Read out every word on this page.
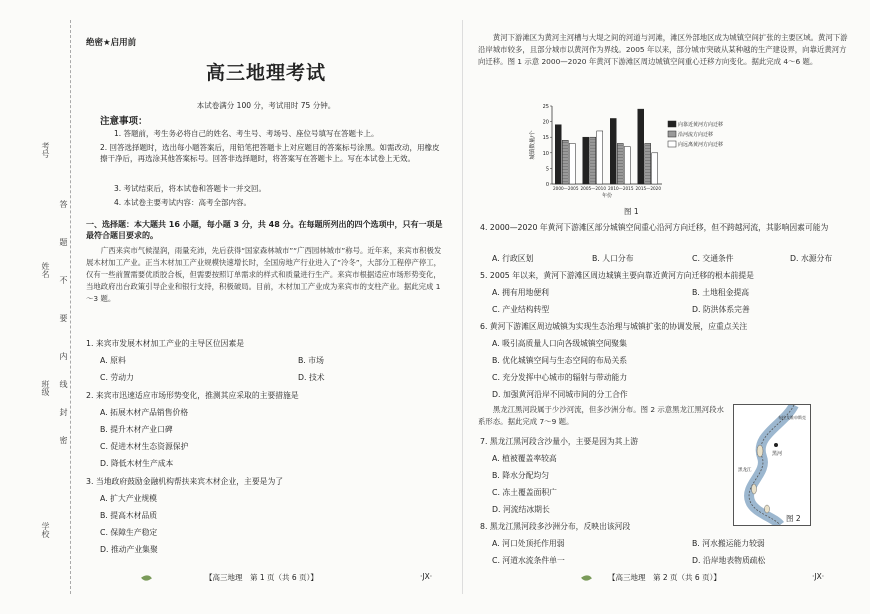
考号
姓名
班级
学校
答
题
不
要
内
线
封
密
绝密★启用前
高三地理考试
本试卷满分 100 分，考试用时 75 分钟。
注意事项：
1. 答题前，考生务必将自己的姓名、考生号、考场号、座位号填写在答题卡上。
2. 回答选择题时，选出每小题答案后，用铅笔把答题卡上对应题目的答案标号涂黑。如需改动，用橡皮擦干净后，再选涂其他答案标号。回答非选择题时，将答案写在答题卡上。写在本试卷上无效。
3. 考试结束后，将本试卷和答题卡一并交回。
4. 本试卷主要考试内容：高考全部内容。
一、选择题：本大题共 16 小题，每小题 3 分，共 48 分。在每题所列出的四个选项中，只有一项是最符合题目要求的。
广西来宾市气候湿润，雨量充沛，先后获得“国家森林城市”“广西园林城市”称号。近年来，来宾市积极发展木材加工产业。正当木材加工产业规模快速增长时，全国房地产行业进入了“冷冬”，大部分工程停产停工，仅有一些前置需要优质胶合板，但需要按照订单需求的样式和质量进行生产。来宾市根据适应市场形势变化，当地政府出台政策引导企业和银行支持，积极破局。目前，木材加工产业成为来宾市的支柱产业。据此完成 1～3 题。
1. 来宾市发展木材加工产业的主导区位因素是
A. 原料	B. 市场
C. 劳动力	D. 技术
2. 来宾市迅速适应市场形势变化，推测其应采取的主要措施是
A. 拓展木材产品销售价格
B. 提升木材产业口碑
C. 促进木材生态资源保护
D. 降低木材生产成本
3. 当地政府鼓励金融机构帮扶来宾木材企业，主要是为了
A. 扩大产业规模
B. 提高木材品质
C. 保障生产稳定
D. 推动产业集聚
【高三地理　第 1 页（共 6 页）】	·JX·
黄河下游滩区为黄河主河槽与大堤之间的河道与河滩，滩区外部地区成为城镇空间扩张的主要区域。黄河下游沿岸城市较多，且部分城市以黄河作为界线。2005 年以来，部分城市突破从某种越的生产建设界，向靠近黄河方向迁移。图 1 示意 2000—2020 年黄河下游滩区周边城镇空间重心迁移方向变化。据此完成 4～6 题。
0
5
10
15
20
25
城镇数量/个
年份
2000—2005 2005—2010 2010—2015 2015—2020
向靠近黄河方向迁移
沿河流方向迁移
向远离黄河方向迁移
图 1
4. 2000—2020 年黄河下游滩区部分城镇空间重心沿河方向迁移，但不跨越河流，其影响因素可能为
A. 行政区划	B. 人口分布	C. 交通条件	D. 水源分布
5. 2005 年以来，黄河下游滩区周边城镇主要向靠近黄河方向迁移的根本前提是
A. 拥有用地便利	B. 土地租金提高
C. 产业结构转型	D. 防洪体系完善
6. 黄河下游滩区周边城镇为实现生态治理与城镇扩张的协调发展，应重点关注
A. 吸引高质量人口向各级城镇空间聚集
B. 优化城镇空间与生态空间的布局关系
C. 充分发挥中心城市的辐射与带动能力
D. 加强黄河沿岸不同城市间的分工合作
黑龙江黑河段属于少沙河流，但多沙洲分布。图 2 示意黑龙江黑河段水系形态。据此完成 7～9 题。
7. 黑龙江黑河段含沙量小，主要是因为其上游
A. 植被覆盖率较高
B. 降水分配均匀
C. 冻土覆盖面积广
D. 河流结冰期长
8. 黑龙江黑河段多沙洲分布，反映出该河段
A. 河口处顶托作用弱	B. 河水搬运能力较弱
C. 河道水流条件单一	D. 沿岸地表物质疏松
黑河
布拉戈维申斯克
黑龙江
图 2
【高三地理　第 2 页（共 6 页）】	·JX·
